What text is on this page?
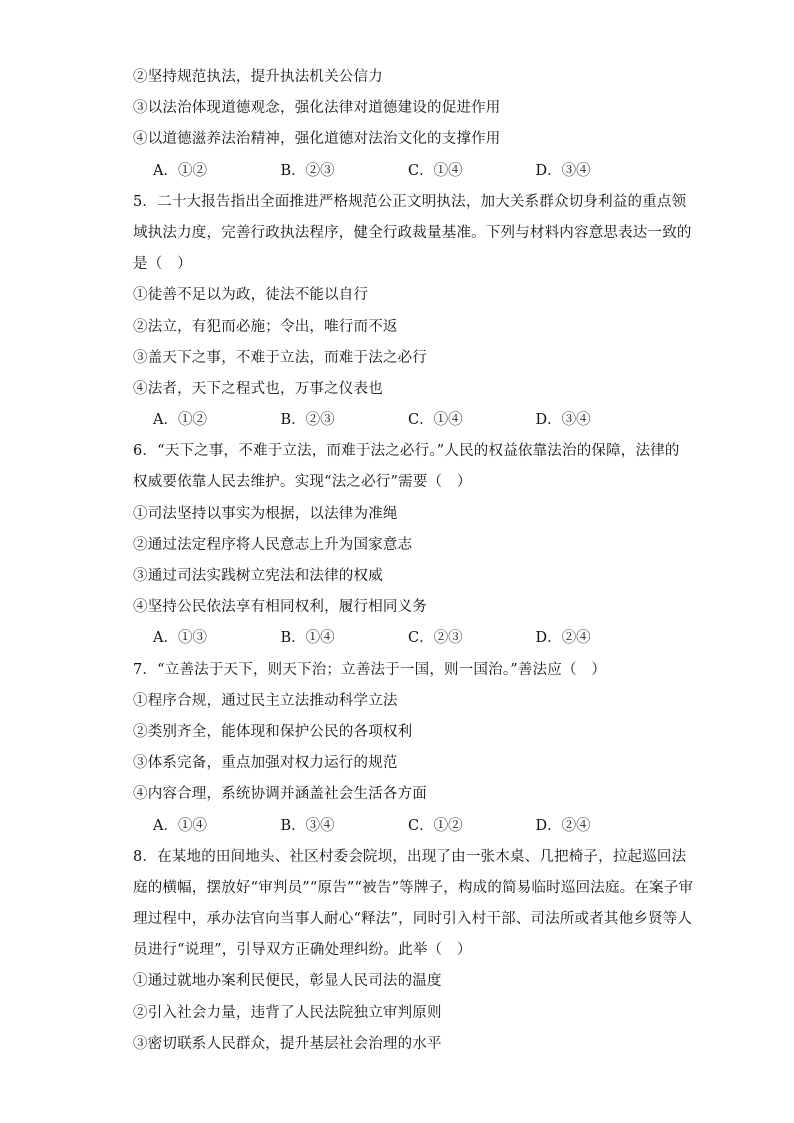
②坚持规范执法，提升执法机关公信力
③以法治体现道德观念，强化法律对道德建设的促进作用
④以道德滋养法治精神，强化道德对法治文化的支撑作用
A．①②	B．②③	C．①④	D．③④
5．二十大报告指出全面推进严格规范公正文明执法，加大关系群众切身利益的重点领
域执法力度，完善行政执法程序，健全行政裁量基准。下列与材料内容意思表达一致的
是（　）
①徒善不足以为政，徒法不能以自行
②法立，有犯而必施；令出，唯行而不返
③盖天下之事，不难于立法，而难于法之必行
④法者，天下之程式也，万事之仪表也
A．①②	B．②③	C．①④	D．③④
6．“天下之事，不难于立法，而难于法之必行。”人民的权益依靠法治的保障，法律的
权威要依靠人民去维护。实现“法之必行”需要（　）
①司法坚持以事实为根据，以法律为准绳
②通过法定程序将人民意志上升为国家意志
③通过司法实践树立宪法和法律的权威
④坚持公民依法享有相同权利，履行相同义务
A．①③	B．①④	C．②③	D．②④
7．“立善法于天下，则天下治；立善法于一国，则一国治。”善法应（　）
①程序合规，通过民主立法推动科学立法
②类别齐全，能体现和保护公民的各项权利
③体系完备，重点加强对权力运行的规范
④内容合理，系统协调并涵盖社会生活各方面
A．①④	B．③④	C．①②	D．②④
8．在某地的田间地头、社区村委会院坝，出现了由一张木桌、几把椅子，拉起巡回法
庭的横幅，摆放好“审判员”“原告”“被告”等牌子，构成的简易临时巡回法庭。在案子审
理过程中，承办法官向当事人耐心“释法”，同时引入村干部、司法所或者其他乡贤等人
员进行“说理”，引导双方正确处理纠纷。此举（　）
①通过就地办案利民便民，彰显人民司法的温度
②引入社会力量，违背了人民法院独立审判原则
③密切联系人民群众，提升基层社会治理的水平
